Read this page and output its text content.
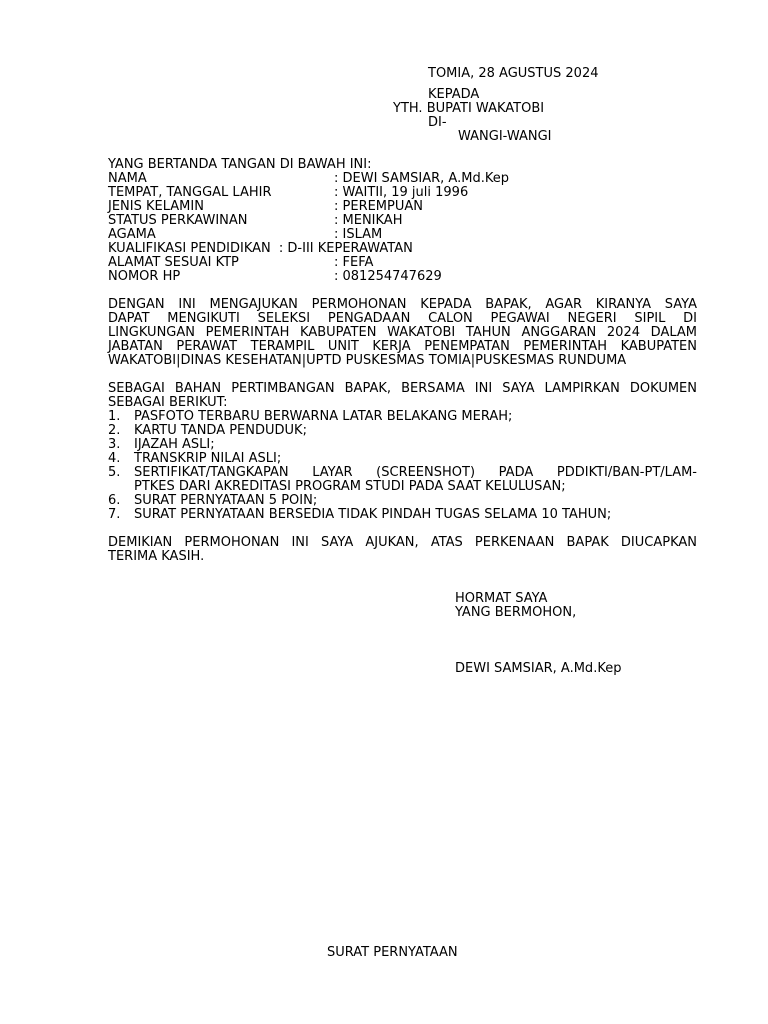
TOMIA, 28 AGUSTUS 2024
KEPADA
YTH. BUPATI WAKATOBI
DI-
WANGI-WANGI
YANG BERTANDA TANGAN DI BAWAH INI:
NAMA	: DEWI SAMSIAR, A.Md.Kep
TEMPAT, TANGGAL LAHIR	: WAITII, 19 juli 1996
JENIS KELAMIN	: PEREMPUAN
STATUS PERKAWINAN	: MENIKAH
AGAMA	: ISLAM
KUALIFIKASI PENDIDIKAN : D-III KEPERAWATAN
ALAMAT SESUAI KTP	: FEFA
NOMOR HP	: 081254747629
DENGAN INI MENGAJUKAN PERMOHONAN KEPADA BAPAK, AGAR KIRANYA SAYA
DAPAT MENGIKUTI SELEKSI PENGADAAN CALON PEGAWAI NEGERI SIPIL DI
LINGKUNGAN PEMERINTAH KABUPATEN WAKATOBI TAHUN ANGGARAN 2024 DALAM
JABATAN PERAWAT TERAMPIL UNIT KERJA PENEMPATAN PEMERINTAH KABUPATEN
WAKATOBI|DINAS KESEHATAN|UPTD PUSKESMAS TOMIA|PUSKESMAS RUNDUMA
SEBAGAI BAHAN PERTIMBANGAN BAPAK, BERSAMA INI SAYA LAMPIRKAN DOKUMEN
SEBAGAI BERIKUT:
1. PASFOTO TERBARU BERWARNA LATAR BELAKANG MERAH;
2. KARTU TANDA PENDUDUK;
3. IJAZAH ASLI;
4. TRANSKRIP NILAI ASLI;
5. SERTIFIKAT/TANGKAPAN LAYAR (SCREENSHOT) PADA PDDIKTI/BAN-PT/LAM-
PTKES DARI AKREDITASI PROGRAM STUDI PADA SAAT KELULUSAN;
6. SURAT PERNYATAAN 5 POIN;
7. SURAT PERNYATAAN BERSEDIA TIDAK PINDAH TUGAS SELAMA 10 TAHUN;
DEMIKIAN PERMOHONAN INI SAYA AJUKAN, ATAS PERKENAAN BAPAK DIUCAPKAN
TERIMA KASIH.
HORMAT SAYA
YANG BERMOHON,
DEWI SAMSIAR, A.Md.Kep
SURAT PERNYATAAN
